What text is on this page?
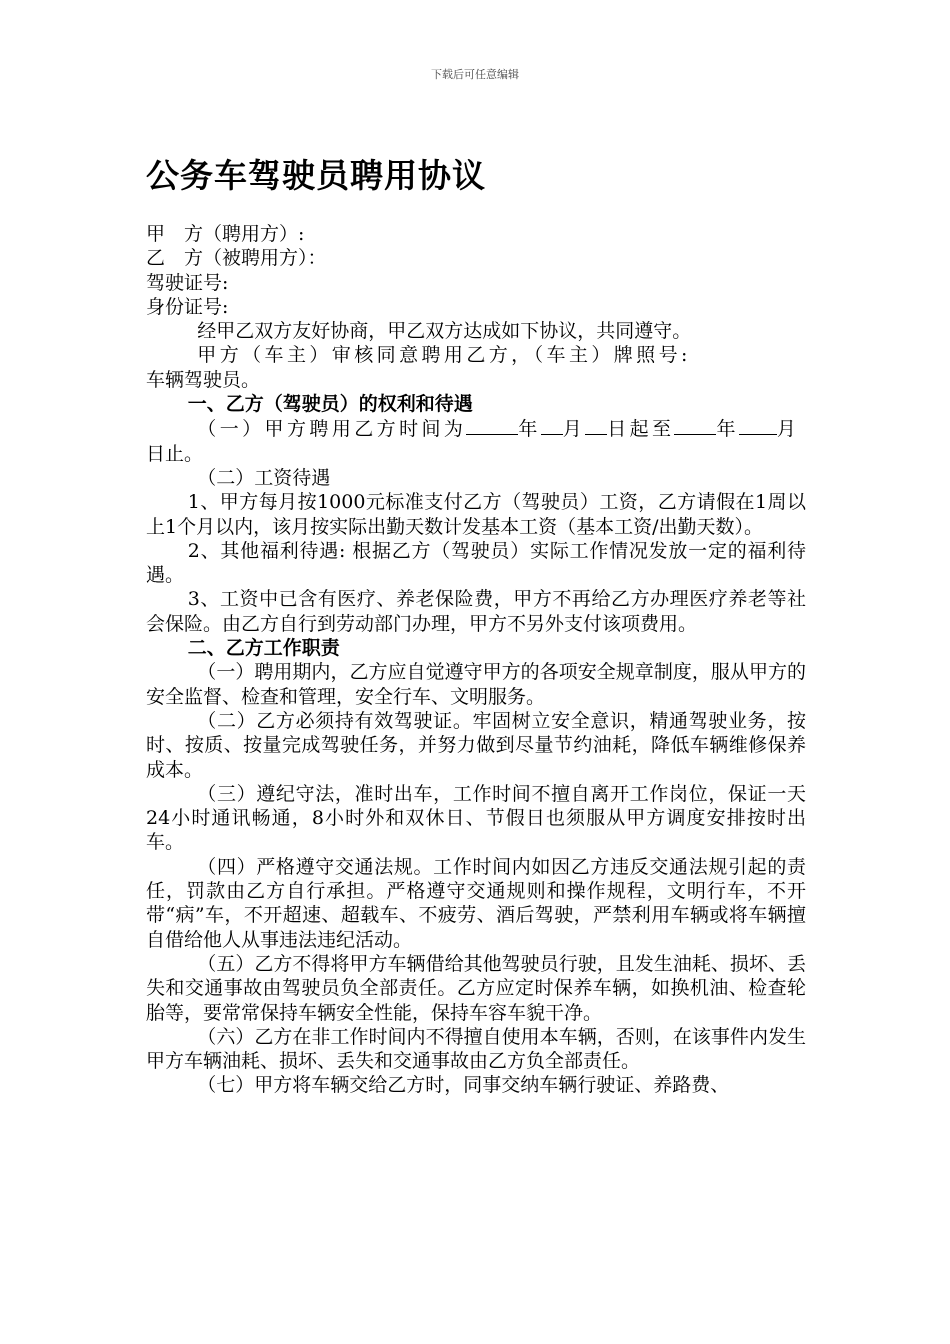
下载后可任意编辑
公务车驾驶员聘用协议

甲　方（聘用方）:

乙　方（被聘用方）：

驾驶证号:

身份证号:

经甲乙双方友好协商，甲乙双方达成如下协议，共同遵守。

甲方（车主）审核同意聘用乙方，（车主）牌照号:

车辆驾驶员。

一、乙方（驾驶员）的权利和待遇

（一）甲方聘用乙方时间为	年 月 日起至 年 月

日止。

（二）工资待遇

1、甲方每月按1000元标准支付乙方（驾驶员）工资，乙方请假在1周以上1个月以内，该月按实际出勤天数计发基本工资（基本工资/出勤天数）。

2、其他福利待遇: 根据乙方（驾驶员）实际工作情况发放一定的福利待遇。

3、工资中已含有医疗、养老保险费，甲方不再给乙方办理医疗养老等社会保险。由乙方自行到劳动部门办理，甲方不另外支付该项费用。

二、乙方工作职责

（一）聘用期内，乙方应自觉遵守甲方的各项安全规章制度，服从甲方的安全监督、检查和管理，安全行车、文明服务。

（二）乙方必须持有效驾驶证。牢固树立安全意识，精通驾驶业务，按时、按质、按量完成驾驶任务，并努力做到尽量节约油耗，降低车辆维修保养成本。

（三）遵纪守法，准时出车，工作时间不擅自离开工作岗位，保证一天24小时通讯畅通，8小时外和双休日、节假日也须服从甲方调度安排按时出车。

（四）严格遵守交通法规。工作时间内如因乙方违反交通法规引起的责任，罚款由乙方自行承担。严格遵守交通规则和操作规程，文明行车，不开带“病”车，不开超速、超载车、不疲劳、酒后驾驶，严禁利用车辆或将车辆擅自借给他人从事违法违纪活动。

（五）乙方不得将甲方车辆借给其他驾驶员行驶，且发生油耗、损坏、丢失和交通事故由驾驶员负全部责任。乙方应定时保养车辆，如换机油、检查轮胎等，要常常保持车辆安全性能，保持车容车貌干净。

（六）乙方在非工作时间内不得擅自使用本车辆，否则，在该事件内发生甲方车辆油耗、损坏、丢失和交通事故由乙方负全部责任。

（七）甲方将车辆交给乙方时，同事交纳车辆行驶证、养路费、
